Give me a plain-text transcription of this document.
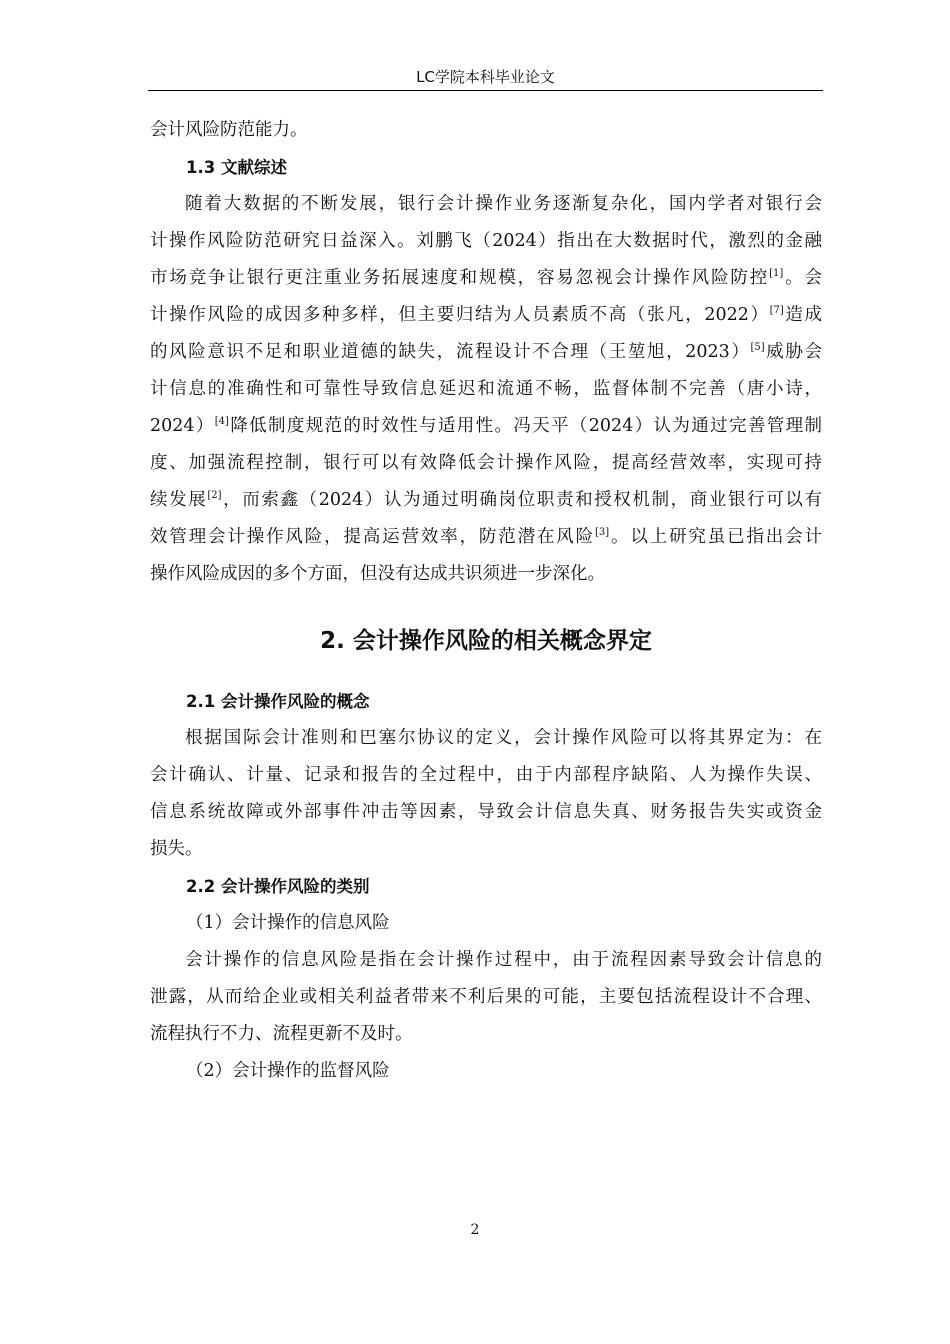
LC学院本科毕业论文

会计风险防范能力。

1.3 文献综述

随着大数据的不断发展，银行会计操作业务逐渐复杂化，国内学者对银行会

计操作风险防范研究日益深入。刘鹏飞（2024）指出在大数据时代，激烈的金融

市场竞争让银行更注重业务拓展速度和规模，容易忽视会计操作风险防控[1]。会

计操作风险的成因多种多样，但主要归结为人员素质不高（张凡，2022）[7]造成

的风险意识不足和职业道德的缺失，流程设计不合理（王堃旭，2023）[5]威胁会

计信息的准确性和可靠性导致信息延迟和流通不畅，监督体制不完善（唐小诗，

2024）[4]降低制度规范的时效性与适用性。冯天平（2024）认为通过完善管理制

度、加强流程控制，银行可以有效降低会计操作风险，提高经营效率，实现可持

续发展[2]，而索鑫（2024）认为通过明确岗位职责和授权机制，商业银行可以有

效管理会计操作风险，提高运营效率，防范潜在风险[3]。以上研究虽已指出会计

操作风险成因的多个方面，但没有达成共识须进一步深化。

2. 会计操作风险的相关概念界定

2.1 会计操作风险的概念

根据国际会计准则和巴塞尔协议的定义，会计操作风险可以将其界定为：在

会计确认、计量、记录和报告的全过程中，由于内部程序缺陷、人为操作失误、

信息系统故障或外部事件冲击等因素，导致会计信息失真、财务报告失实或资金

损失。

2.2 会计操作风险的类别

（1）会计操作的信息风险

会计操作的信息风险是指在会计操作过程中，由于流程因素导致会计信息的

泄露，从而给企业或相关利益者带来不利后果的可能，主要包括流程设计不合理、

流程执行不力、流程更新不及时。

（2）会计操作的监督风险

2
